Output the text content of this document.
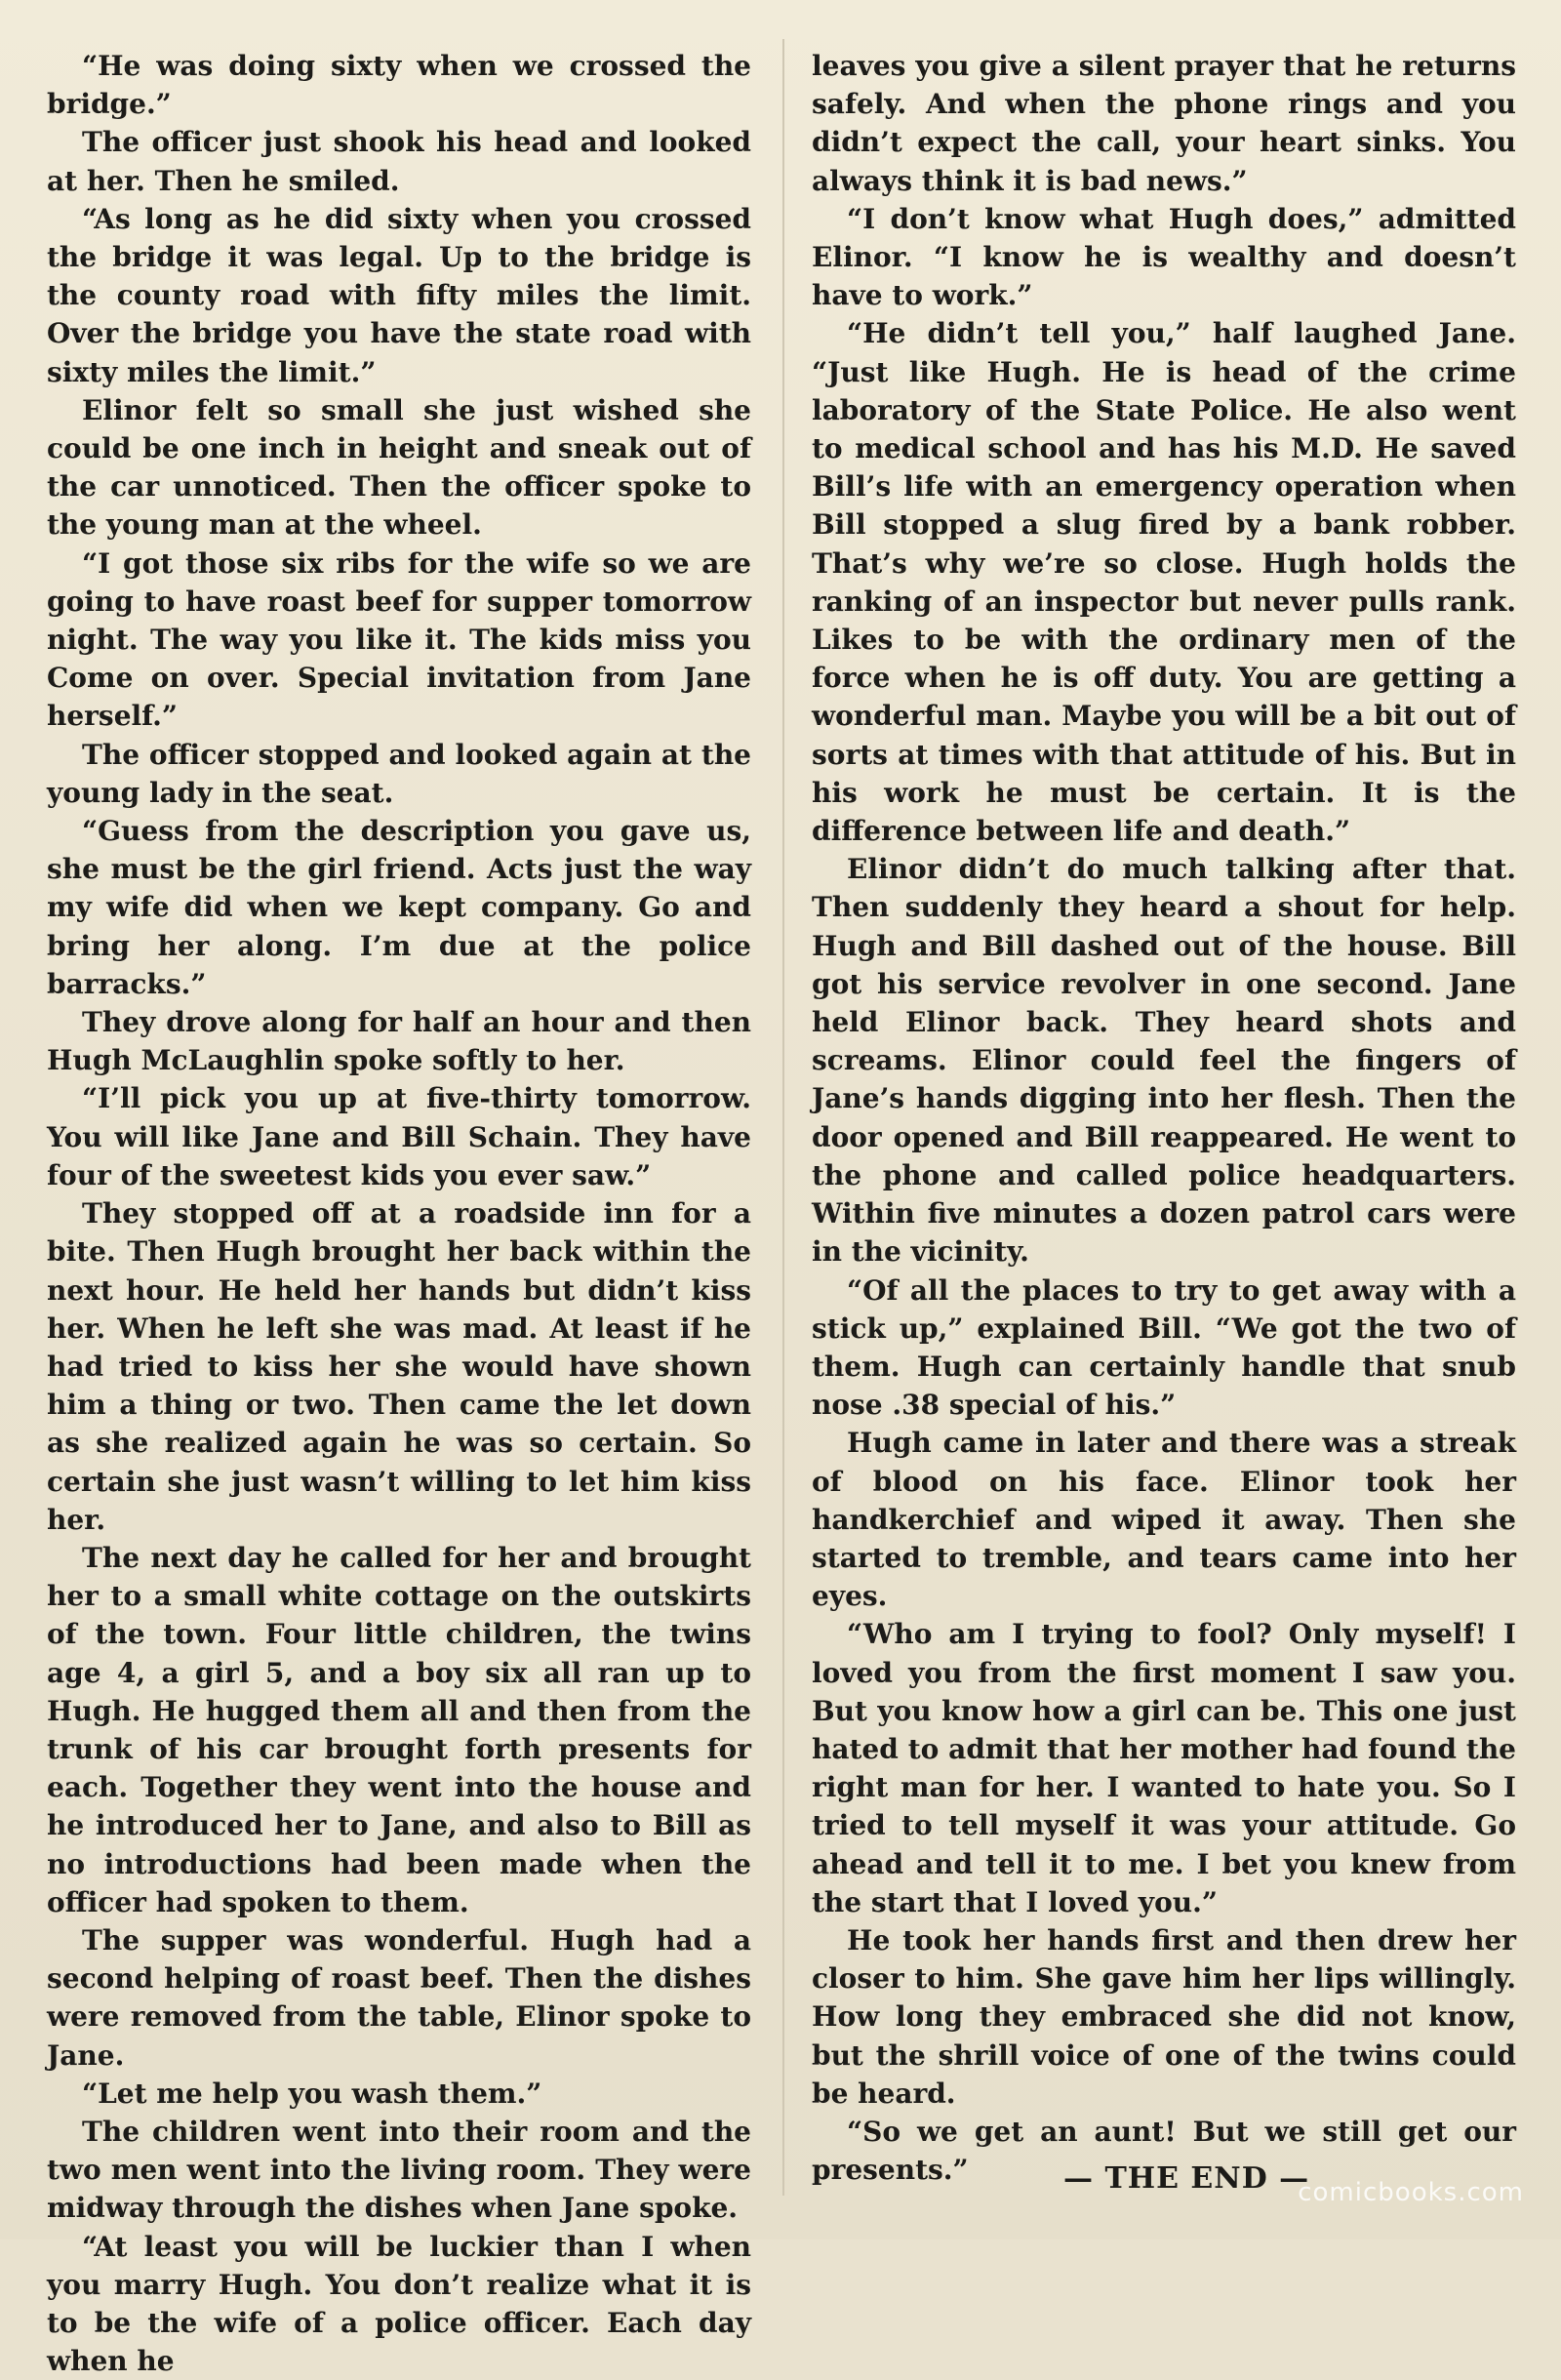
“He was doing sixty when we crossed the bridge.”

The officer just shook his head and looked at her. Then he smiled.

“As long as he did sixty when you crossed the bridge it was legal. Up to the bridge is the county road with fifty miles the limit. Over the bridge you have the state road with sixty miles the limit.”

Elinor felt so small she just wished she could be one inch in height and sneak out of the car unnoticed. Then the officer spoke to the young man at the wheel.

“I got those six ribs for the wife so we are going to have roast beef for supper tomorrow night. The way you like it. The kids miss you Come on over. Special invitation from Jane herself.”

The officer stopped and looked again at the young lady in the seat.

“Guess from the description you gave us, she must be the girl friend. Acts just the way my wife did when we kept company. Go and bring her along. I’m due at the police barracks.”

They drove along for half an hour and then Hugh McLaughlin spoke softly to her.

“I’ll pick you up at five-thirty tomorrow. You will like Jane and Bill Schain. They have four of the sweetest kids you ever saw.”

They stopped off at a roadside inn for a bite. Then Hugh brought her back within the next hour. He held her hands but didn’t kiss her. When he left she was mad. At least if he had tried to kiss her she would have shown him a thing or two. Then came the let down as she realized again he was so certain. So certain she just wasn’t willing to let him kiss her.

The next day he called for her and brought her to a small white cottage on the outskirts of the town. Four little children, the twins age 4, a girl 5, and a boy six all ran up to Hugh. He hugged them all and then from the trunk of his car brought forth presents for each. Together they went into the house and he introduced her to Jane, and also to Bill as no introductions had been made when the officer had spoken to them.

The supper was wonderful. Hugh had a second helping of roast beef. Then the dishes were removed from the table, Elinor spoke to Jane.

“Let me help you wash them.”

The children went into their room and the two men went into the living room. They were midway through the dishes when Jane spoke.

“At least you will be luckier than I when you marry Hugh. You don’t realize what it is to be the wife of a police officer. Each day when he

leaves you give a silent prayer that he returns safely. And when the phone rings and you didn’t expect the call, your heart sinks. You always think it is bad news.”

“I don’t know what Hugh does,” admitted Elinor. “I know he is wealthy and doesn’t have to work.”

“He didn’t tell you,” half laughed Jane. “Just like Hugh. He is head of the crime laboratory of the State Police. He also went to medical school and has his M.D. He saved Bill’s life with an emergency operation when Bill stopped a slug fired by a bank robber. That’s why we’re so close. Hugh holds the ranking of an inspector but never pulls rank. Likes to be with the ordinary men of the force when he is off duty. You are getting a wonderful man. Maybe you will be a bit out of sorts at times with that attitude of his. But in his work he must be certain. It is the difference between life and death.”

Elinor didn’t do much talking after that. Then suddenly they heard a shout for help. Hugh and Bill dashed out of the house. Bill got his service revolver in one second. Jane held Elinor back. They heard shots and screams. Elinor could feel the fingers of Jane’s hands digging into her flesh. Then the door opened and Bill reappeared. He went to the phone and called police headquarters. Within five minutes a dozen patrol cars were in the vicinity.

“Of all the places to try to get away with a stick up,” explained Bill. “We got the two of them. Hugh can certainly handle that snub nose .38 special of his.”

Hugh came in later and there was a streak of blood on his face. Elinor took her handkerchief and wiped it away. Then she started to tremble, and tears came into her eyes.

“Who am I trying to fool? Only myself! I loved you from the first moment I saw you. But you know how a girl can be. This one just hated to admit that her mother had found the right man for her. I wanted to hate you. So I tried to tell myself it was your attitude. Go ahead and tell it to me. I bet you knew from the start that I loved you.”

He took her hands first and then drew her closer to him. She gave him her lips willingly. How long they embraced she did not know, but the shrill voice of one of the twins could be heard.

“So we get an aunt! But we still get our presents.”	— THE END —
comicbooks.com
